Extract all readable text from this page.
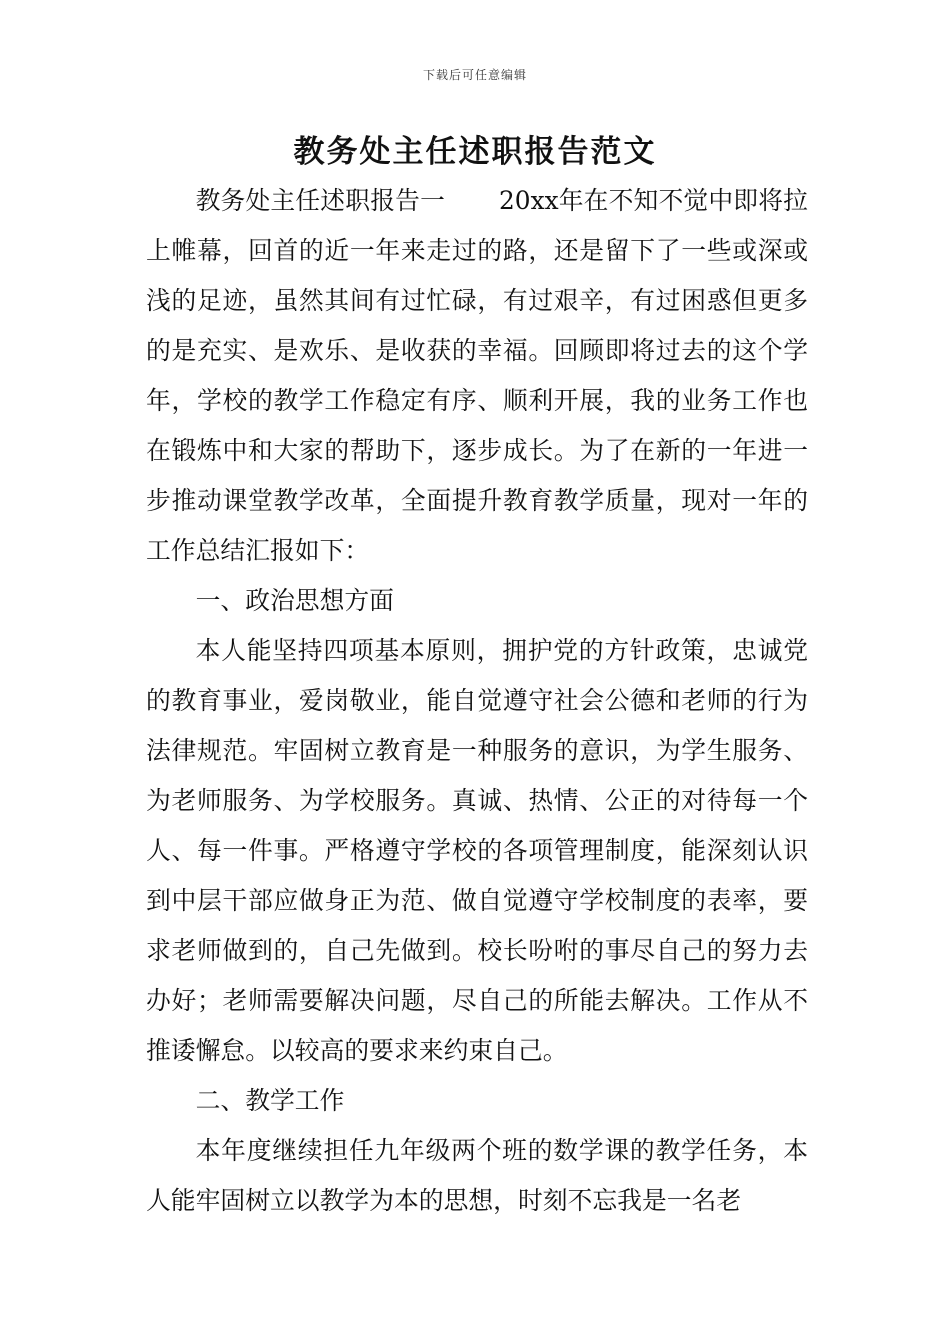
下载后可任意编辑
教务处主任述职报告范文

教务处主任述职报告一 20xx年在不知不觉中即将拉上帷幕，回首的近一年来走过的路，还是留下了一些或深或浅的足迹，虽然其间有过忙碌，有过艰辛，有过困惑但更多的是充实、是欢乐、是收获的幸福。回顾即将过去的这个学年，学校的教学工作稳定有序、顺利开展，我的业务工作也在锻炼中和大家的帮助下，逐步成长。为了在新的一年进一步推动课堂教学改革，全面提升教育教学质量，现对一年的工作总结汇报如下：

一、政治思想方面

本人能坚持四项基本原则，拥护党的方针政策，忠诚党的教育事业，爱岗敬业，能自觉遵守社会公德和老师的行为法律规范。牢固树立教育是一种服务的意识，为学生服务、为老师服务、为学校服务。真诚、热情、公正的对待每一个人、每一件事。严格遵守学校的各项管理制度，能深刻认识到中层干部应做身正为范、做自觉遵守学校制度的表率，要求老师做到的，自己先做到。校长吩咐的事尽自己的努力去办好；老师需要解决问题，尽自己的所能去解决。工作从不推诿懈怠。以较高的要求来约束自己。

二、教学工作

本年度继续担任九年级两个班的数学课的教学任务，本人能牢固树立以教学为本的思想，时刻不忘我是一名老
